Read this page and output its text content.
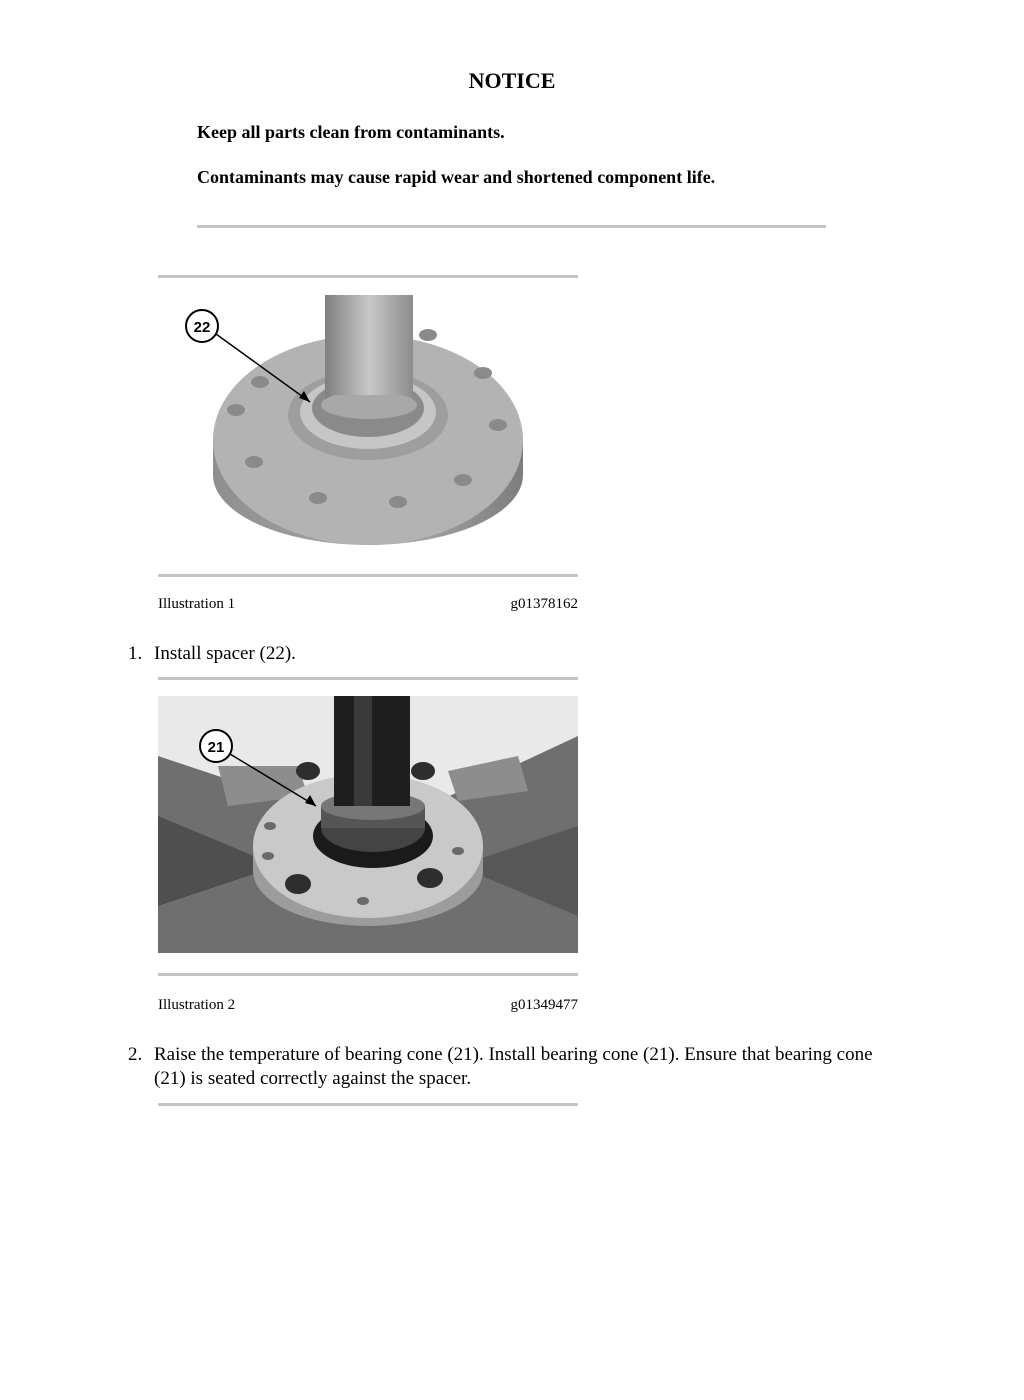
NOTICE
Keep all parts clean from contaminants.
Contaminants may cause rapid wear and shortened component life.
22
Illustration 1	g01378162
1. Install spacer (22).
21
Illustration 2	g01349477
2. Raise the temperature of bearing cone (21). Install bearing cone (21). Ensure that bearing cone (21) is seated correctly against the spacer.
